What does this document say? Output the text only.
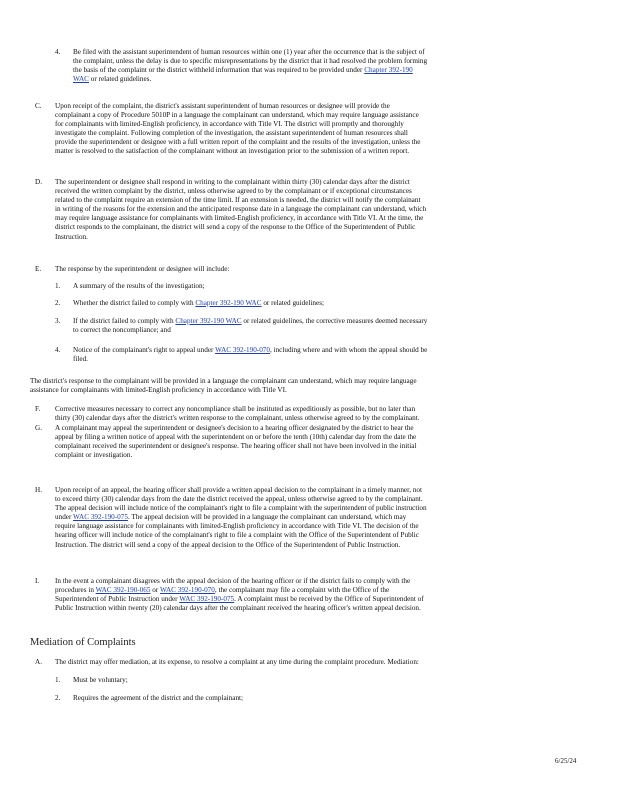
4. Be filed with the assistant superintendent of human resources within one (1) year after the occurrence that is the subject of
the complaint, unless the delay is due to specific misrepresentations by the district that it had resolved the problem forming
the basis of the complaint or the district withheld information that was required to be provided under Chapter 392-190
WAC or related guidelines.
C. Upon receipt of the complaint, the district's assistant superintendent of human resources or designee will provide the
complainant a copy of Procedure 5010P in a language the complainant can understand, which may require language assistance
for complainants with limited-English proficiency, in accordance with Title VI. The district will promptly and thoroughly
investigate the complaint. Following completion of the investigation, the assistant superintendent of human resources shall
provide the superintendent or designee with a full written report of the complaint and the results of the investigation, unless the
matter is resolved to the satisfaction of the complainant without an investigation prior to the submission of a written report.
D. The superintendent or designee shall respond in writing to the complainant within thirty (30) calendar days after the district
received the written complaint by the district, unless otherwise agreed to by the complainant or if exceptional circumstances
related to the complaint require an extension of the time limit. If an extension is needed, the district will notify the complainant
in writing of the reasons for the extension and the anticipated response date in a language the complainant can understand, which
may require language assistance for complainants with limited-English proficiency, in accordance with Title VI. At the time, the
district responds to the complainant, the district will send a copy of the response to the Office of the Superintendent of Public
Instruction.
E. The response by the superintendent or designee will include:
1. A summary of the results of the investigation;
2. Whether the district failed to comply with Chapter 392-190 WAC or related guidelines;
3. If the district failed to comply with Chapter 392-190 WAC or related guidelines, the corrective measures deemed necessary
to correct the noncompliance; and
4. Notice of the complainant's right to appeal under WAC 392-190-070, including where and with whom the appeal should be
filed.
The district's response to the complainant will be provided in a language the complainant can understand, which may require language
assistance for complainants with limited-English proficiency in accordance with Title VI.
F. Corrective measures necessary to correct any noncompliance shall be instituted as expeditiously as possible, but no later than
thirty (30) calendar days after the district's written response to the complainant, unless otherwise agreed to by the complainant.
G. A complainant may appeal the superintendent or designee's decision to a hearing officer designated by the district to hear the
appeal by filing a written notice of appeal with the superintendent on or before the tenth (10th) calendar day from the date the
complainant received the superintendent or designee's response. The hearing officer shall not have been involved in the initial
complaint or investigation.
H. Upon receipt of an appeal, the hearing officer shall provide a written appeal decision to the complainant in a timely manner, not
to exceed thirty (30) calendar days from the date the district received the appeal, unless otherwise agreed to by the complainant.
The appeal decision will include notice of the complainant's right to file a complaint with the superintendent of public instruction
under WAC 392-190-075. The appeal decision will be provided in a language the complainant can understand, which may
require language assistance for complainants with limited-English proficiency in accordance with Title VI. The decision of the
hearing officer will include notice of the complainant's right to file a complaint with the Office of the Superintendent of Public
Instruction. The district will send a copy of the appeal decision to the Office of the Superintendent of Public Instruction.
I. In the event a complainant disagrees with the appeal decision of the hearing officer or if the district fails to comply with the
procedures in WAC 392-190-065 or WAC 392-190-070, the complainant may file a complaint with the Office of the
Superintendent of Public Instruction under WAC 392-190-075. A complaint must be received by the Office of Superintendent of
Public Instruction within twenty (20) calendar days after the complainant received the hearing officer's written appeal decision.
Mediation of Complaints
A. The district may offer mediation, at its expense, to resolve a complaint at any time during the complaint procedure. Mediation:
1. Must be voluntary;
2. Requires the agreement of the district and the complainant;
6/25/24
